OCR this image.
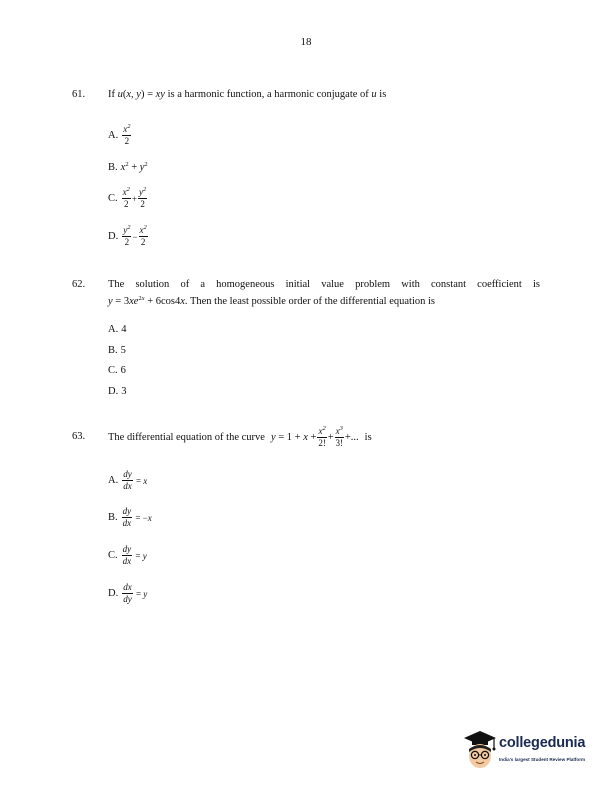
18
61. If u(x, y) = xy is a harmonic function, a harmonic conjugate of u is
A. $\frac{x^2}{2}$
B. $x^2 + y^2$
C. $\frac{x^2}{2} + \frac{y^2}{2}$
D. $\frac{y^2}{2} - \frac{x^2}{2}$
62. The solution of a homogeneous initial value problem with constant coefficient is
$y = 3xe^{2x} + 6\cos 4x$. Then the least possible order of the differential equation is
A. 4
B. 5
C. 6
D. 3
63. The differential equation of the curve $y = 1 + x + \frac{x^2}{2!} + \frac{x^3}{3!}$ +... is
A. $\frac{dy}{dx} = x$
B. $\frac{dy}{dx} = -x$
C. $\frac{dy}{dx} = y$
D. $\frac{dx}{dy} = y$
collegedunia
India's largest Student Review Platform
